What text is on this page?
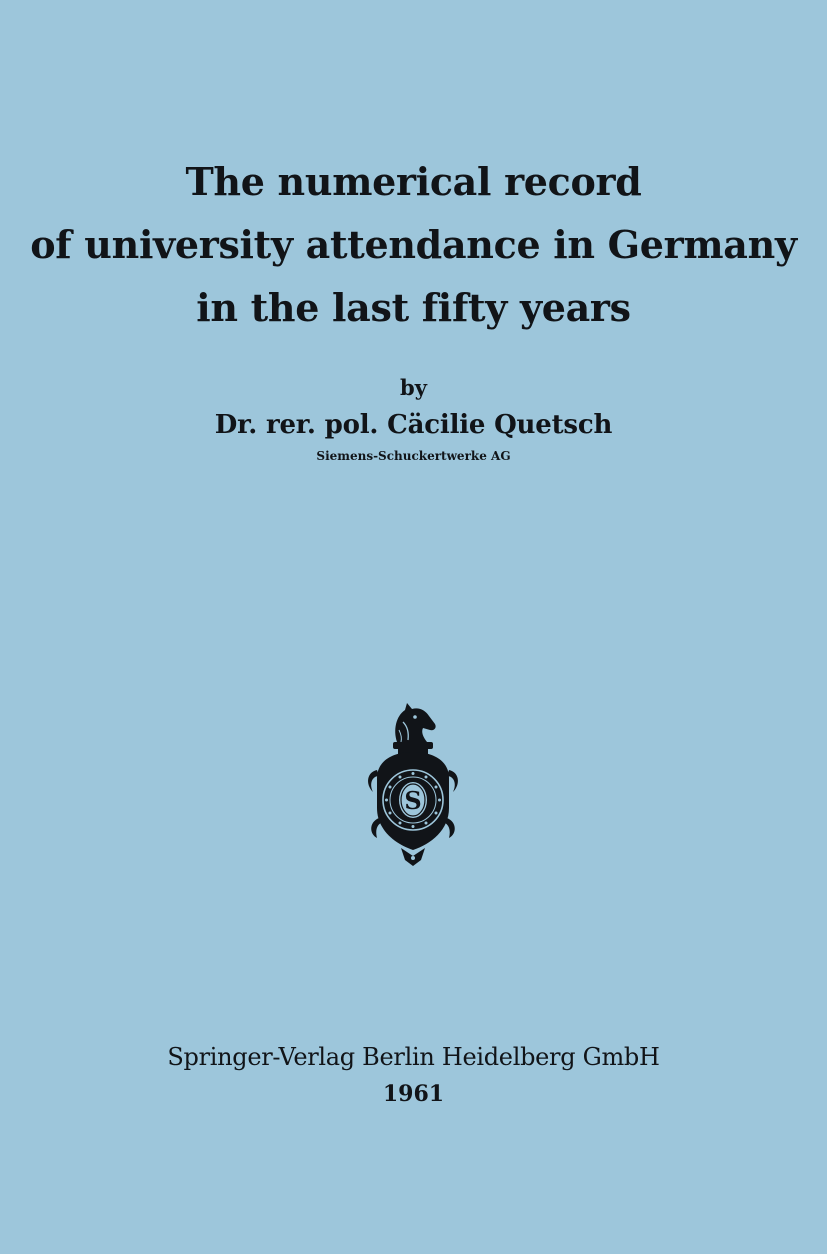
The numerical record
of university attendance in Germany
in the last fifty years
by
Dr. rer. pol. Cäcilie Quetsch
Siemens-Schuckertwerke AG
S
Springer-Verlag Berlin Heidelberg GmbH
1961
